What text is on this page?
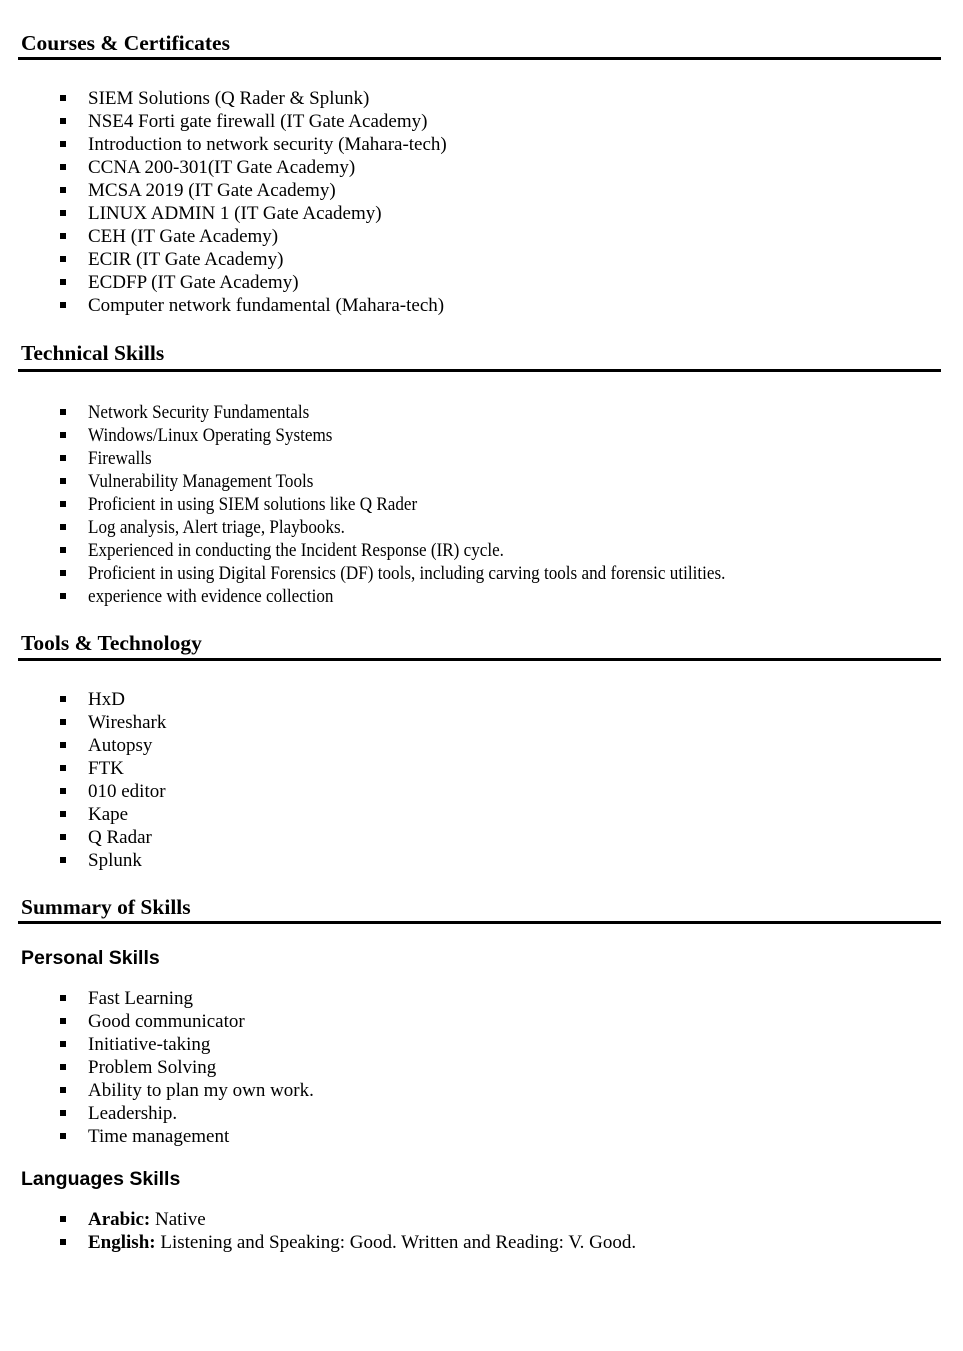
Courses & Certificates
SIEM Solutions (Q Rader & Splunk)
NSE4 Forti gate firewall (IT Gate Academy)
Introduction to network security (Mahara-tech)
CCNA 200-301(IT Gate Academy)
MCSA 2019 (IT Gate Academy)
LINUX ADMIN 1 (IT Gate Academy)
CEH (IT Gate Academy)
ECIR (IT Gate Academy)
ECDFP (IT Gate Academy)
Computer network fundamental (Mahara-tech)
Technical Skills
Network Security Fundamentals
Windows/Linux Operating Systems
Firewalls
Vulnerability Management Tools
Proficient in using SIEM solutions like Q Rader
Log analysis, Alert triage, Playbooks.
Experienced in conducting the Incident Response (IR) cycle.
Proficient in using Digital Forensics (DF) tools, including carving tools and forensic utilities.
experience with evidence collection
Tools & Technology
HxD
Wireshark
Autopsy
FTK
010 editor
Kape
Q Radar
Splunk
Summary of Skills
Personal Skills
Fast Learning
Good communicator
Initiative-taking
Problem Solving
Ability to plan my own work.
Leadership.
Time management
Languages Skills
Arabic: Native
English: Listening and Speaking: Good. Written and Reading: V. Good.
